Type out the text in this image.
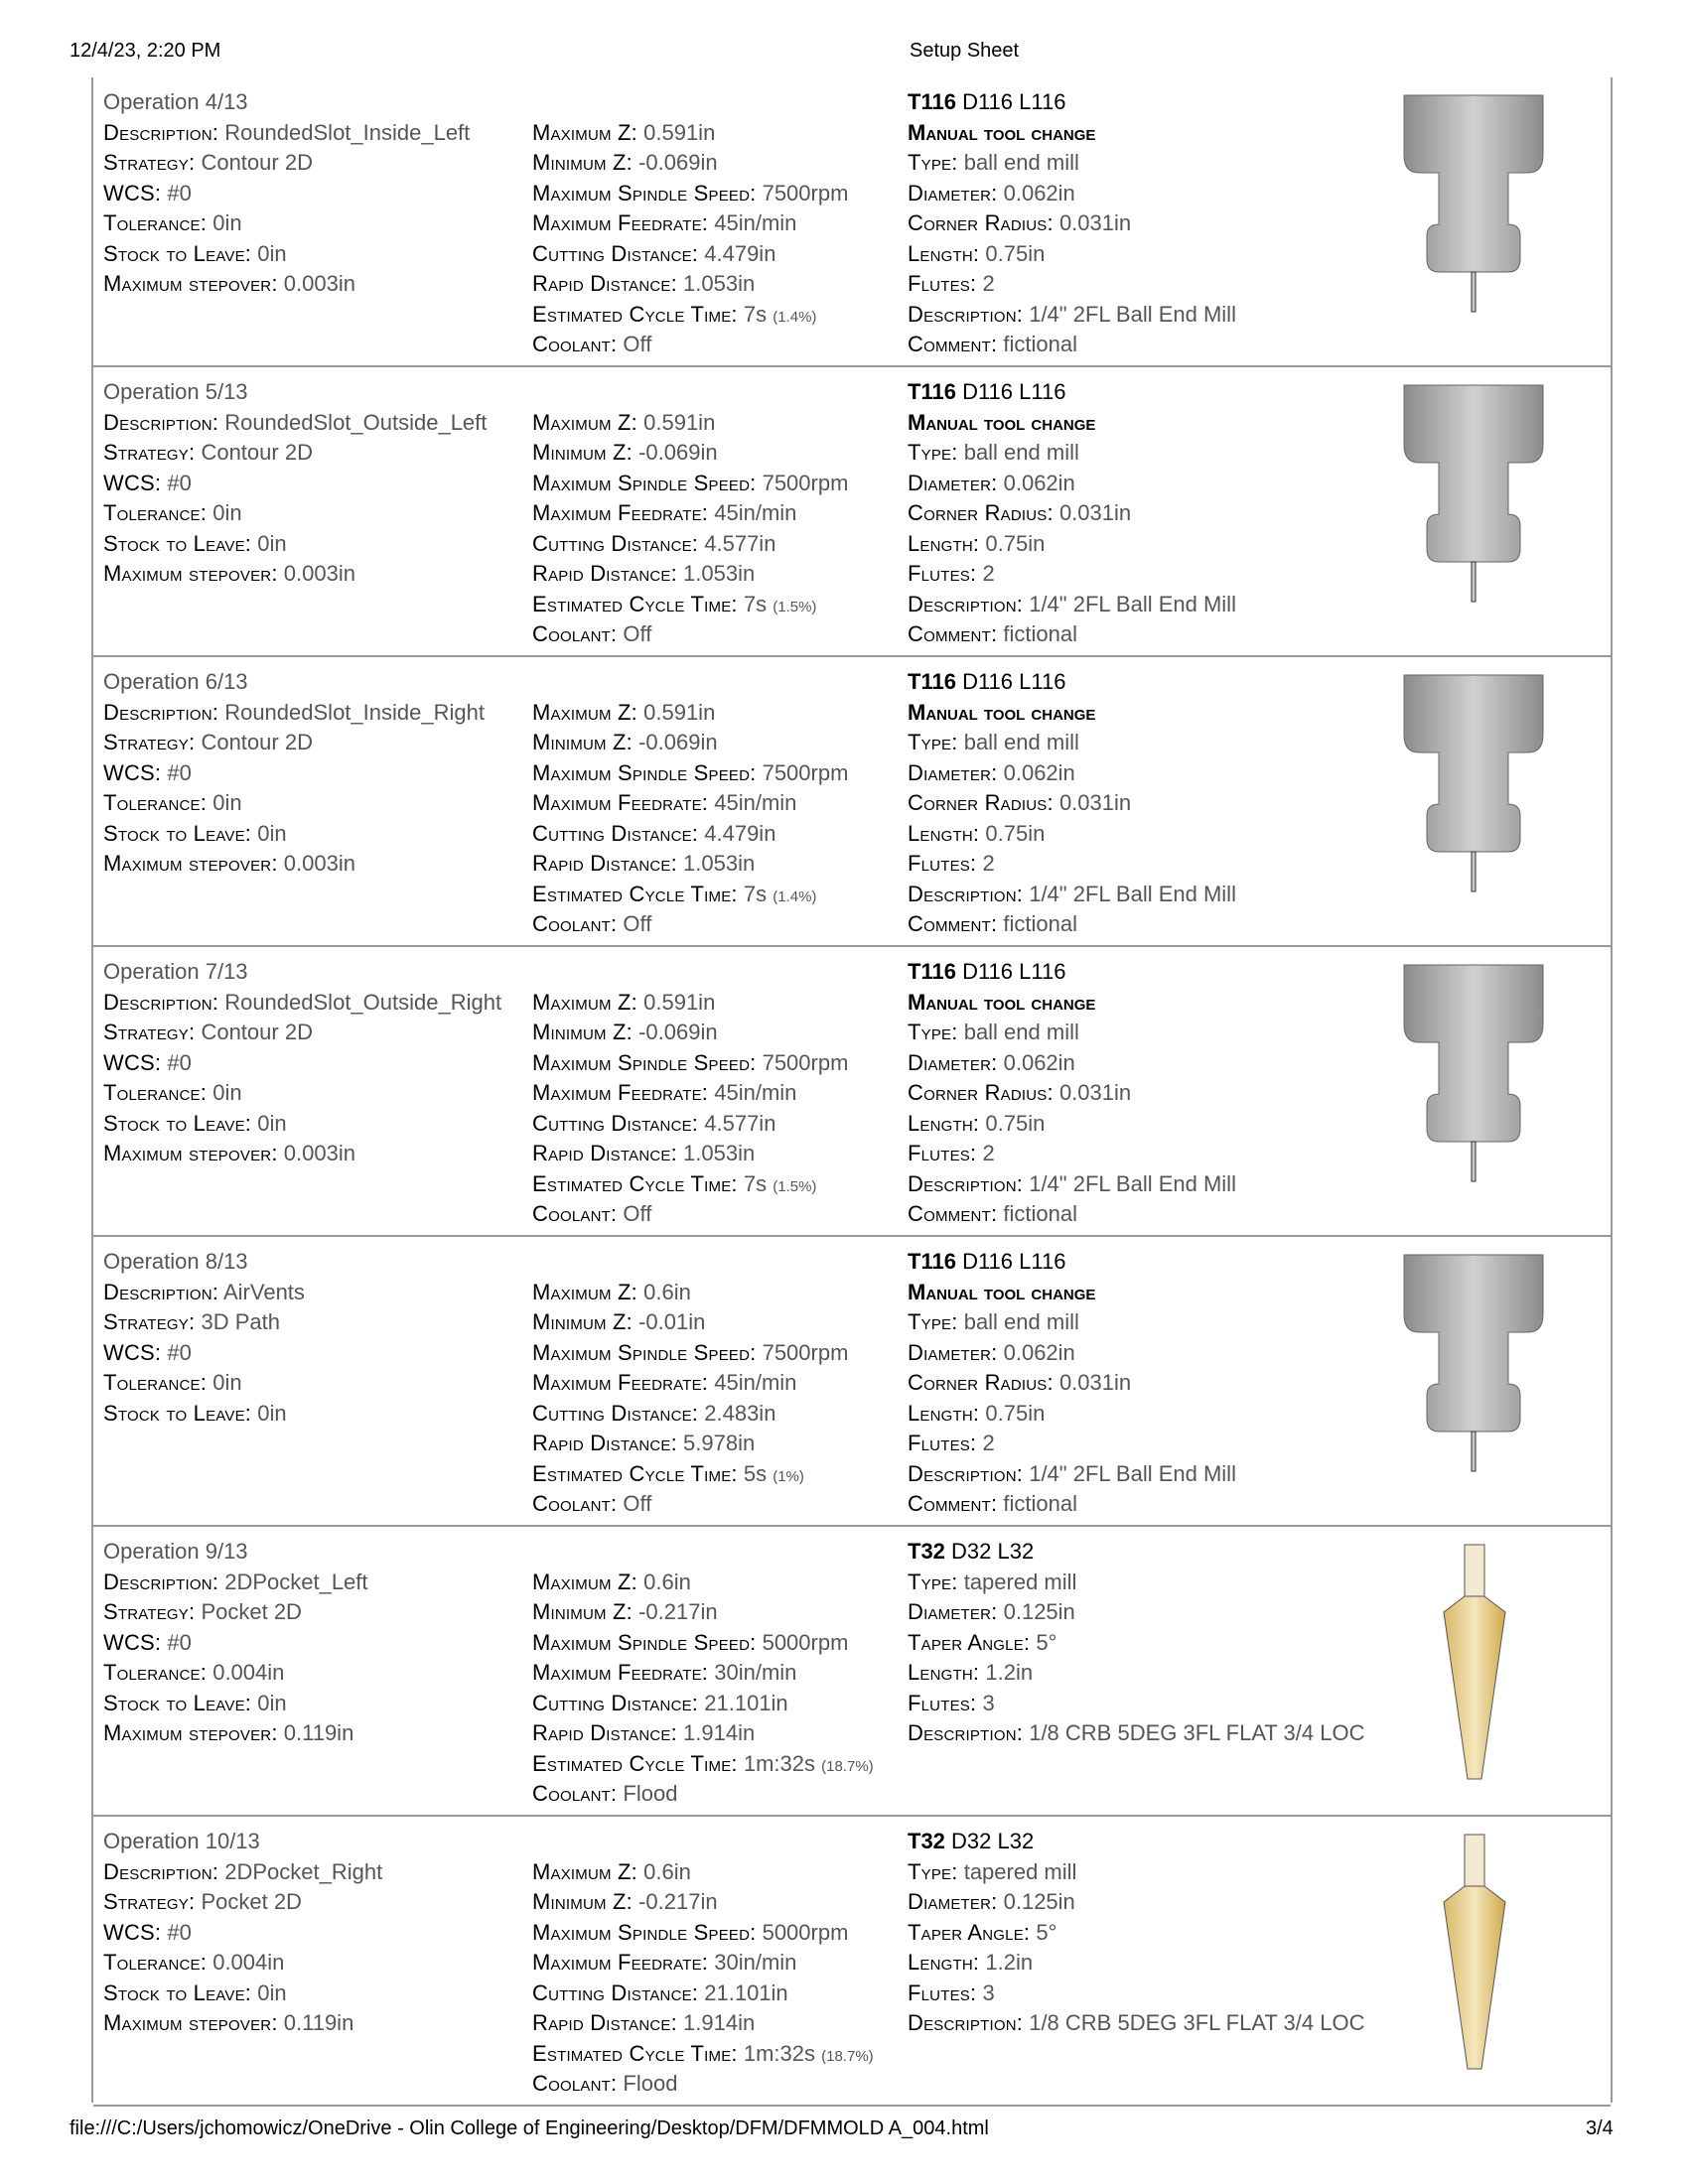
12/4/23, 2:20 PM	Setup Sheet
Operation 4/13
Description: RoundedSlot_Inside_Left
Strategy: Contour 2D
WCS: #0
Tolerance: 0in
Stock to Leave: 0in
Maximum stepover: 0.003in
Maximum Z: 0.591in
Minimum Z: -0.069in
Maximum Spindle Speed: 7500rpm
Maximum Feedrate: 45in/min
Cutting Distance: 4.479in
Rapid Distance: 1.053in
Estimated Cycle Time: 7s (1.4%)
Coolant: Off
T116 D116 L116
Manual tool change
Type: ball end mill
Diameter: 0.062in
Corner Radius: 0.031in
Length: 0.75in
Flutes: 2
Description: 1/4" 2FL Ball End Mill
Comment: fictional
Operation 5/13
Description: RoundedSlot_Outside_Left
Strategy: Contour 2D
WCS: #0
Tolerance: 0in
Stock to Leave: 0in
Maximum stepover: 0.003in
Maximum Z: 0.591in
Minimum Z: -0.069in
Maximum Spindle Speed: 7500rpm
Maximum Feedrate: 45in/min
Cutting Distance: 4.577in
Rapid Distance: 1.053in
Estimated Cycle Time: 7s (1.5%)
Coolant: Off
T116 D116 L116
Manual tool change
Type: ball end mill
Diameter: 0.062in
Corner Radius: 0.031in
Length: 0.75in
Flutes: 2
Description: 1/4" 2FL Ball End Mill
Comment: fictional
Operation 6/13
Description: RoundedSlot_Inside_Right
Strategy: Contour 2D
WCS: #0
Tolerance: 0in
Stock to Leave: 0in
Maximum stepover: 0.003in
Maximum Z: 0.591in
Minimum Z: -0.069in
Maximum Spindle Speed: 7500rpm
Maximum Feedrate: 45in/min
Cutting Distance: 4.479in
Rapid Distance: 1.053in
Estimated Cycle Time: 7s (1.4%)
Coolant: Off
T116 D116 L116
Manual tool change
Type: ball end mill
Diameter: 0.062in
Corner Radius: 0.031in
Length: 0.75in
Flutes: 2
Description: 1/4" 2FL Ball End Mill
Comment: fictional
Operation 7/13
Description: RoundedSlot_Outside_Right
Strategy: Contour 2D
WCS: #0
Tolerance: 0in
Stock to Leave: 0in
Maximum stepover: 0.003in
Maximum Z: 0.591in
Minimum Z: -0.069in
Maximum Spindle Speed: 7500rpm
Maximum Feedrate: 45in/min
Cutting Distance: 4.577in
Rapid Distance: 1.053in
Estimated Cycle Time: 7s (1.5%)
Coolant: Off
T116 D116 L116
Manual tool change
Type: ball end mill
Diameter: 0.062in
Corner Radius: 0.031in
Length: 0.75in
Flutes: 2
Description: 1/4" 2FL Ball End Mill
Comment: fictional
Operation 8/13
Description: AirVents
Strategy: 3D Path
WCS: #0
Tolerance: 0in
Stock to Leave: 0in
Maximum Z: 0.6in
Minimum Z: -0.01in
Maximum Spindle Speed: 7500rpm
Maximum Feedrate: 45in/min
Cutting Distance: 2.483in
Rapid Distance: 5.978in
Estimated Cycle Time: 5s (1%)
Coolant: Off
T116 D116 L116
Manual tool change
Type: ball end mill
Diameter: 0.062in
Corner Radius: 0.031in
Length: 0.75in
Flutes: 2
Description: 1/4" 2FL Ball End Mill
Comment: fictional
Operation 9/13
Description: 2DPocket_Left
Strategy: Pocket 2D
WCS: #0
Tolerance: 0.004in
Stock to Leave: 0in
Maximum stepover: 0.119in
Maximum Z: 0.6in
Minimum Z: -0.217in
Maximum Spindle Speed: 5000rpm
Maximum Feedrate: 30in/min
Cutting Distance: 21.101in
Rapid Distance: 1.914in
Estimated Cycle Time: 1m:32s (18.7%)
Coolant: Flood
T32 D32 L32
Type: tapered mill
Diameter: 0.125in
Taper Angle: 5°
Length: 1.2in
Flutes: 3
Description: 1/8 CRB 5DEG 3FL FLAT 3/4 LOC
Operation 10/13
Description: 2DPocket_Right
Strategy: Pocket 2D
WCS: #0
Tolerance: 0.004in
Stock to Leave: 0in
Maximum stepover: 0.119in
Maximum Z: 0.6in
Minimum Z: -0.217in
Maximum Spindle Speed: 5000rpm
Maximum Feedrate: 30in/min
Cutting Distance: 21.101in
Rapid Distance: 1.914in
Estimated Cycle Time: 1m:32s (18.7%)
Coolant: Flood
T32 D32 L32
Type: tapered mill
Diameter: 0.125in
Taper Angle: 5°
Length: 1.2in
Flutes: 3
Description: 1/8 CRB 5DEG 3FL FLAT 3/4 LOC
file:///C:/Users/jchomowicz/OneDrive - Olin College of Engineering/Desktop/DFM/DFMMOLD A_004.html	3/4
